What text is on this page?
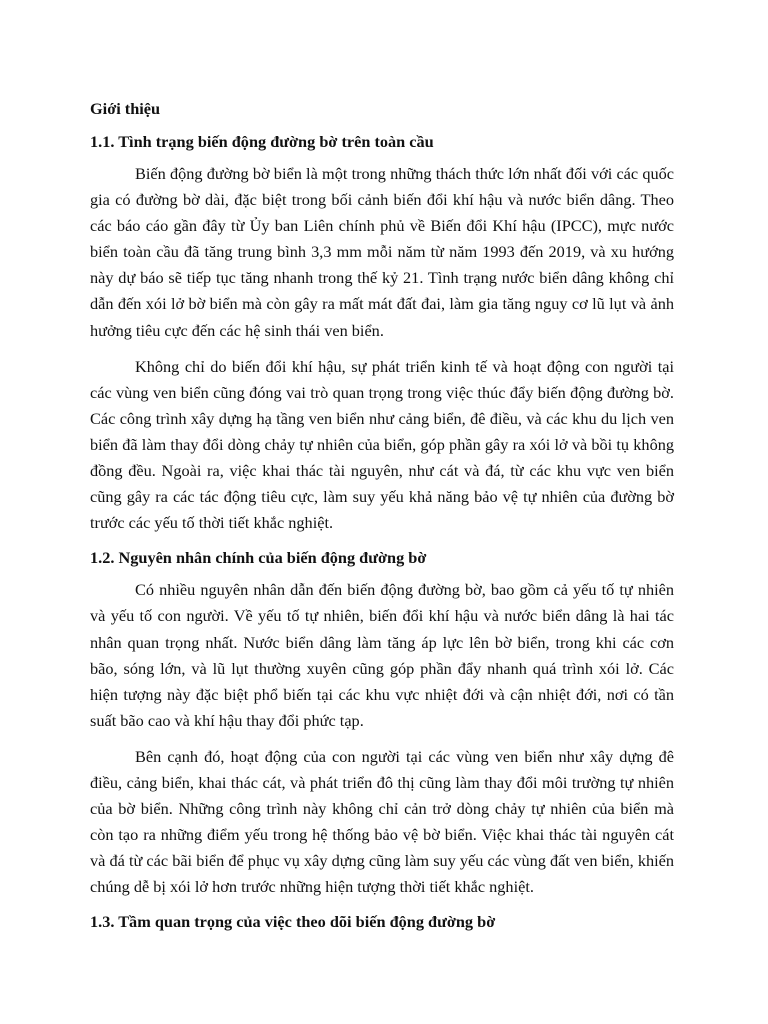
Giới thiệu
1.1. Tình trạng biến động đường bờ trên toàn cầu

Biến động đường bờ biển là một trong những thách thức lớn nhất đối với các quốc gia có đường bờ dài, đặc biệt trong bối cảnh biến đổi khí hậu và nước biển dâng. Theo các báo cáo gần đây từ Ủy ban Liên chính phủ về Biến đổi Khí hậu (IPCC), mực nước biển toàn cầu đã tăng trung bình 3,3 mm mỗi năm từ năm 1993 đến 2019, và xu hướng này dự báo sẽ tiếp tục tăng nhanh trong thế kỷ 21. Tình trạng nước biển dâng không chỉ dẫn đến xói lở bờ biển mà còn gây ra mất mát đất đai, làm gia tăng nguy cơ lũ lụt và ảnh hưởng tiêu cực đến các hệ sinh thái ven biển.

Không chỉ do biến đổi khí hậu, sự phát triển kinh tế và hoạt động con người tại các vùng ven biển cũng đóng vai trò quan trọng trong việc thúc đẩy biến động đường bờ. Các công trình xây dựng hạ tầng ven biển như cảng biển, đê điều, và các khu du lịch ven biển đã làm thay đổi dòng chảy tự nhiên của biển, góp phần gây ra xói lở và bồi tụ không đồng đều. Ngoài ra, việc khai thác tài nguyên, như cát và đá, từ các khu vực ven biển cũng gây ra các tác động tiêu cực, làm suy yếu khả năng bảo vệ tự nhiên của đường bờ trước các yếu tố thời tiết khắc nghiệt.

1.2. Nguyên nhân chính của biến động đường bờ

Có nhiều nguyên nhân dẫn đến biến động đường bờ, bao gồm cả yếu tố tự nhiên và yếu tố con người. Về yếu tố tự nhiên, biến đổi khí hậu và nước biển dâng là hai tác nhân quan trọng nhất. Nước biển dâng làm tăng áp lực lên bờ biển, trong khi các cơn bão, sóng lớn, và lũ lụt thường xuyên cũng góp phần đẩy nhanh quá trình xói lở. Các hiện tượng này đặc biệt phổ biến tại các khu vực nhiệt đới và cận nhiệt đới, nơi có tần suất bão cao và khí hậu thay đổi phức tạp.

Bên cạnh đó, hoạt động của con người tại các vùng ven biển như xây dựng đê điều, cảng biển, khai thác cát, và phát triển đô thị cũng làm thay đổi môi trường tự nhiên của bờ biển. Những công trình này không chỉ cản trở dòng chảy tự nhiên của biển mà còn tạo ra những điểm yếu trong hệ thống bảo vệ bờ biển. Việc khai thác tài nguyên cát và đá từ các bãi biển để phục vụ xây dựng cũng làm suy yếu các vùng đất ven biển, khiến chúng dễ bị xói lở hơn trước những hiện tượng thời tiết khắc nghiệt.

1.3. Tầm quan trọng của việc theo dõi biến động đường bờ
